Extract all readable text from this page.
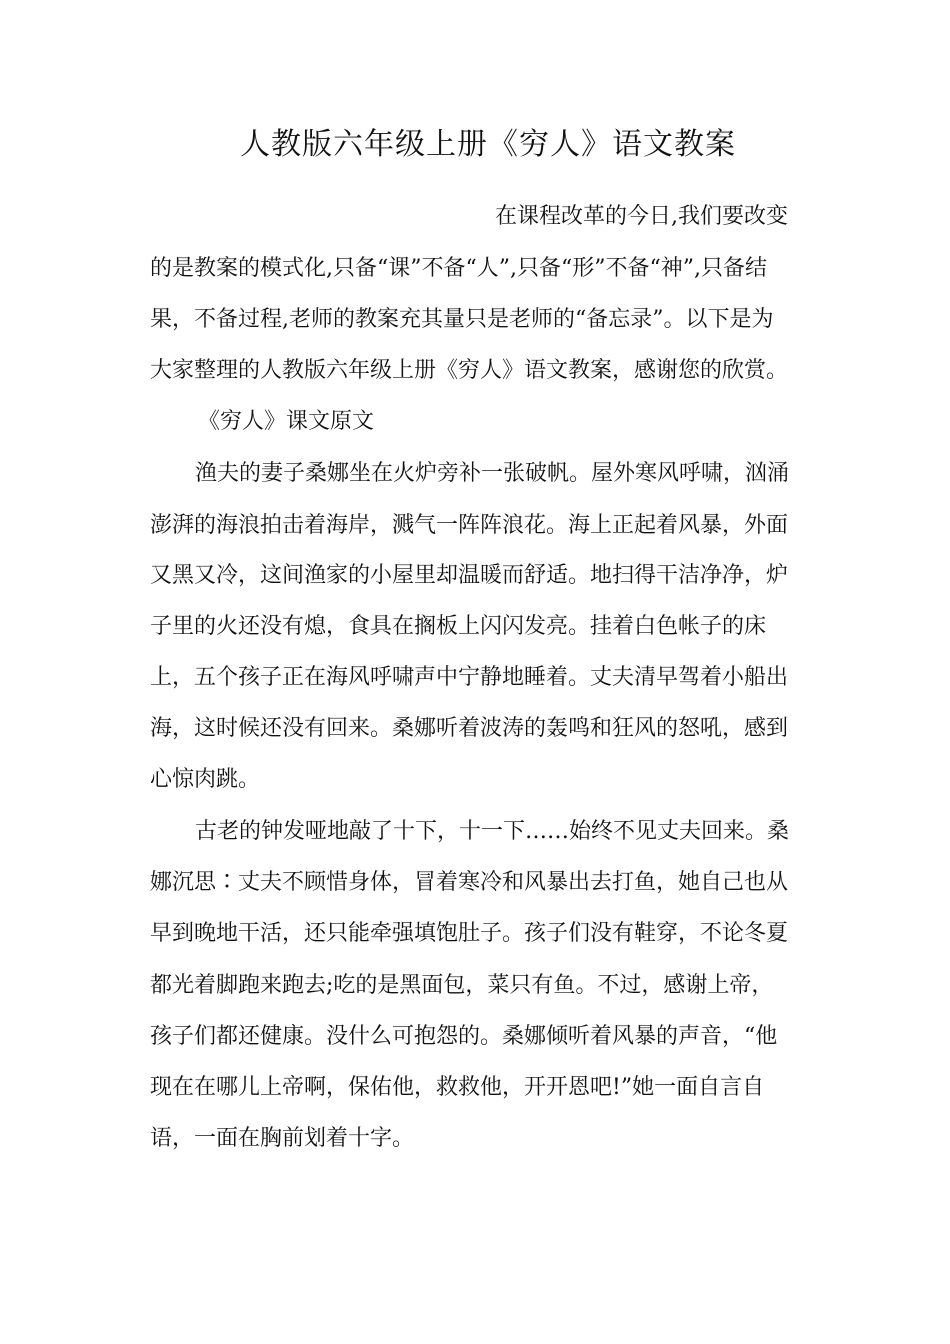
人教版六年级上册《穷人》语文教案
在课程改革的今日,我们要改变
的是教案的模式化,只备“课”不备“人”,只备“形”不备“神”,只备结
果，不备过程,老师的教案充其量只是老师的“备忘录”。以下是为
大家整理的人教版六年级上册《穷人》语文教案，感谢您的欣赏。
《穷人》课文原文
渔夫的妻子桑娜坐在火炉旁补一张破帆。屋外寒风呼啸，汹涌
澎湃的海浪拍击着海岸，溅气一阵阵浪花。海上正起着风暴，外面
又黑又冷，这间渔家的小屋里却温暖而舒适。地扫得干洁净净，炉
子里的火还没有熄，食具在搁板上闪闪发亮。挂着白色帐子的床
上，五个孩子正在海风呼啸声中宁静地睡着。丈夫清早驾着小船出
海，这时候还没有回来。桑娜听着波涛的轰鸣和狂风的怒吼，感到
心惊肉跳。
古老的钟发哑地敲了十下，十一下……始终不见丈夫回来。桑
娜沉思∶丈夫不顾惜身体，冒着寒冷和风暴出去打鱼，她自己也从
早到晚地干活，还只能牵强填饱肚子。孩子们没有鞋穿，不论冬夏
都光着脚跑来跑去;吃的是黑面包，菜只有鱼。不过，感谢上帝，
孩子们都还健康。没什么可抱怨的。桑娜倾听着风暴的声音，“他
现在在哪儿上帝啊，保佑他，救救他，开开恩吧!”她一面自言自
语，一面在胸前划着十字。
